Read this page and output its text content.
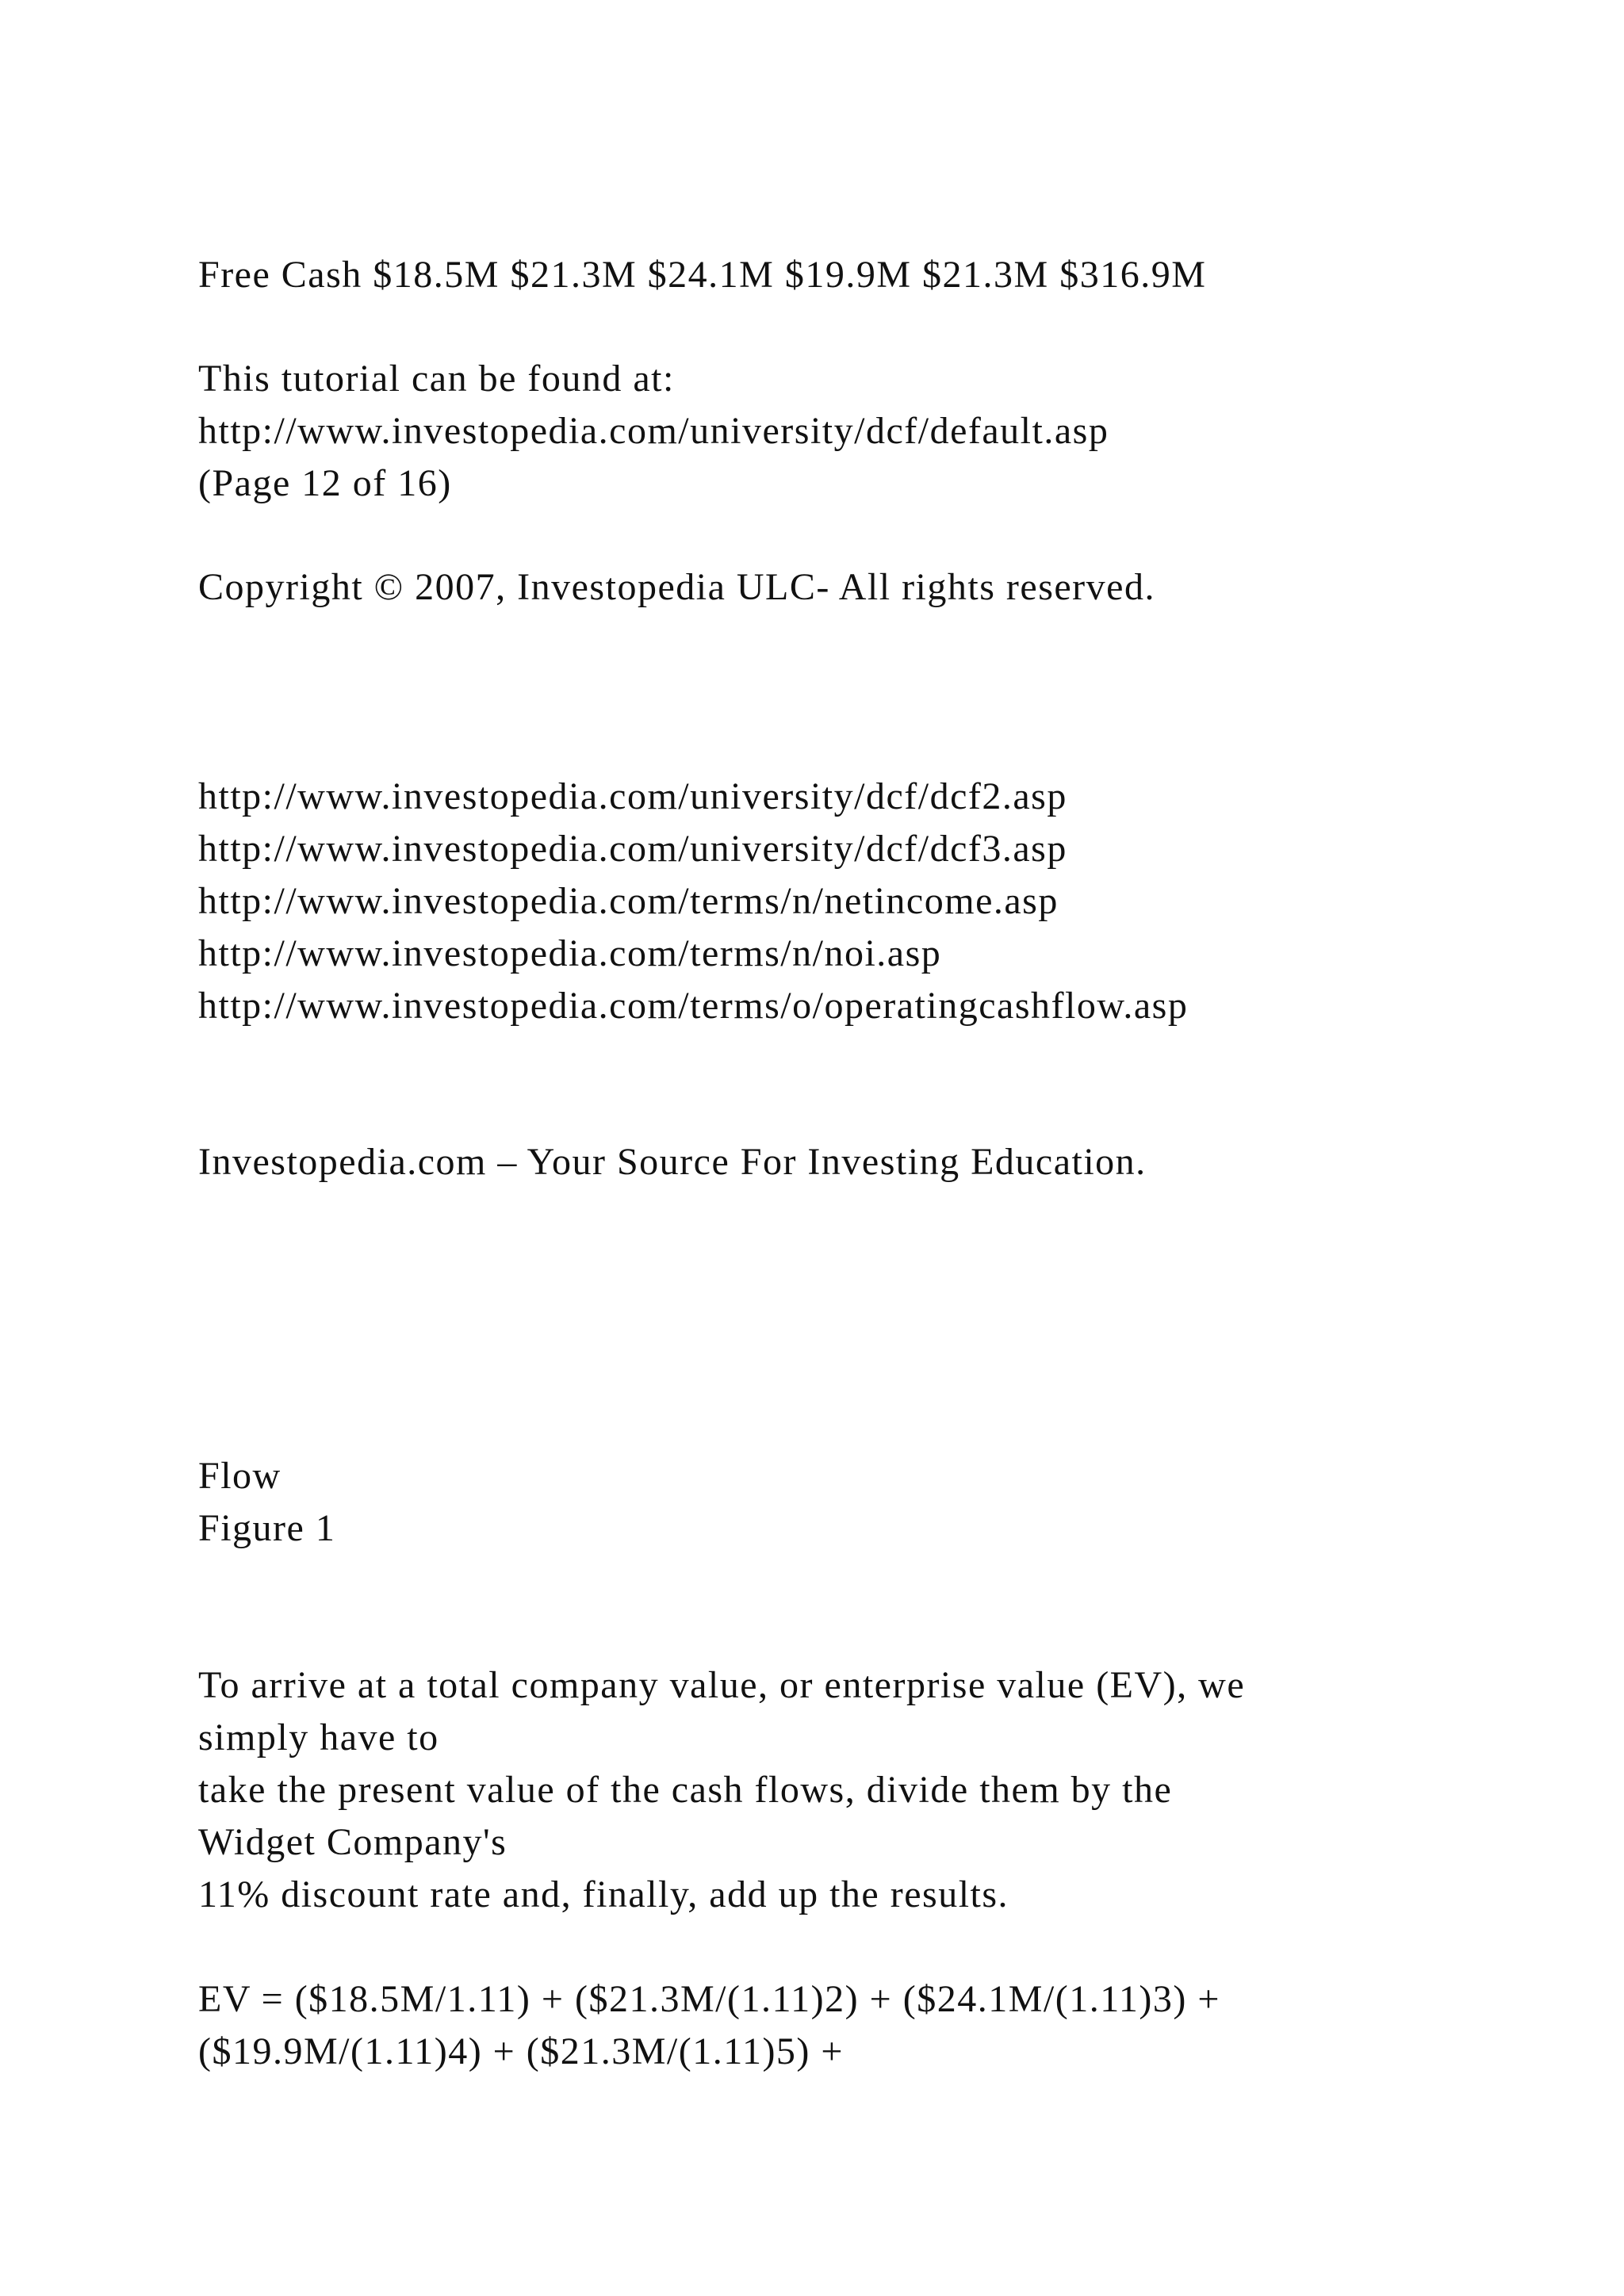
Free Cash $18.5M $21.3M $24.1M $19.9M $21.3M $316.9M
This tutorial can be found at:
http://www.investopedia.com/university/dcf/default.asp
(Page 12 of 16)
Copyright © 2007, Investopedia ULC- All rights reserved.
http://www.investopedia.com/university/dcf/dcf2.asp
http://www.investopedia.com/university/dcf/dcf3.asp
http://www.investopedia.com/terms/n/netincome.asp
http://www.investopedia.com/terms/n/noi.asp
http://www.investopedia.com/terms/o/operatingcashflow.asp
Investopedia.com – Your Source For Investing Education.
Flow
Figure 1
To arrive at a total company value, or enterprise value (EV), we
simply have to
take the present value of the cash flows, divide them by the
Widget Company's
11% discount rate and, finally, add up the results.
EV = ($18.5M/1.11) + ($21.3M/(1.11)2) + ($24.1M/(1.11)3) +
($19.9M/(1.11)4) + ($21.3M/(1.11)5) +
